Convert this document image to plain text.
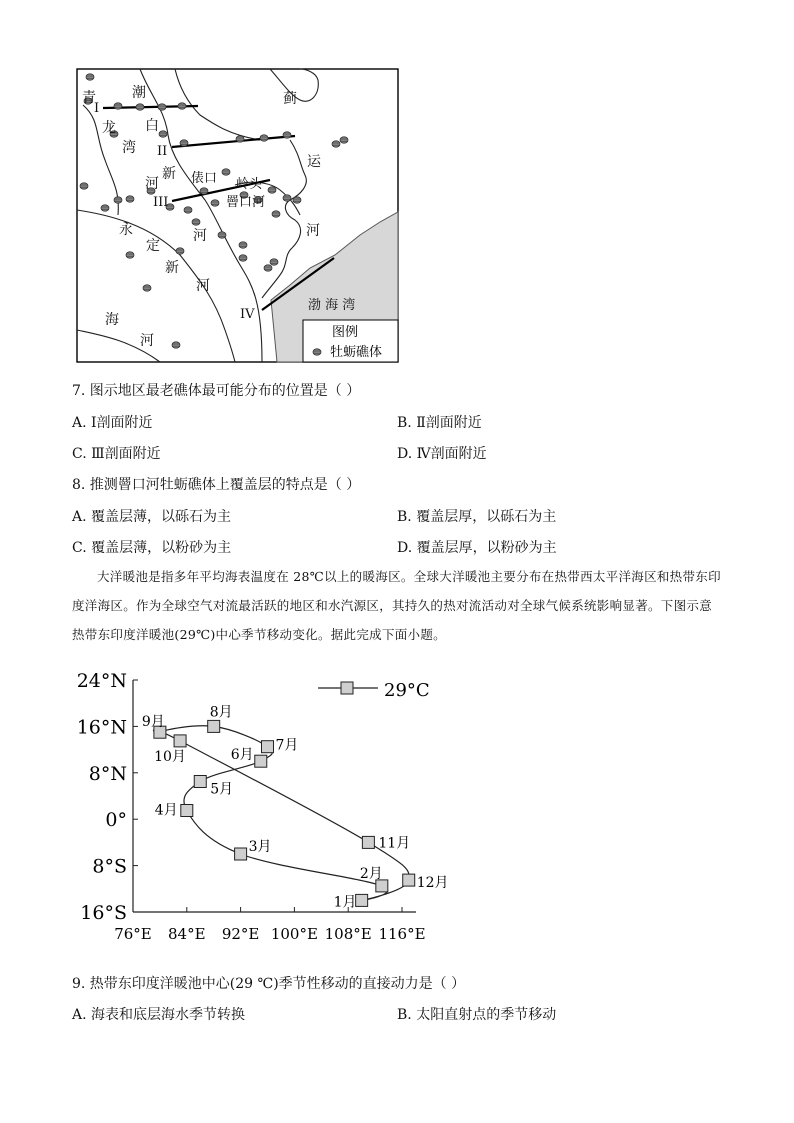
青
龙
湾
河
潮
白
新
河
蓟
运
河
永
定
新
河
海
河
俵口 岭头
罾口河
渤 海 湾
I
II
III
IV
图例
牡蛎礁体
7. 图示地区最老礁体最可能分布的位置是（ ）
A. Ⅰ剖面附近	B. Ⅱ剖面附近
C. Ⅲ剖面附近	D. Ⅳ剖面附近
8. 推测罾口河牡蛎礁体上覆盖层的特点是（ ）
A. 覆盖层薄，以砾石为主	B. 覆盖层厚，以砾石为主
C. 覆盖层薄，以粉砂为主	D. 覆盖层厚，以粉砂为主
大洋暖池是指多年平均海表温度在 28℃以上的暖海区。全球大洋暖池主要分布在热带西太平洋海区和热带东印度洋海区。作为全球空气对流最活跃的地区和水汽源区，其持久的热对流活动对全球气候系统影响显著。下图示意热带东印度洋暖池(29℃)中心季节移动变化。据此完成下面小题。
24°N
16°N
8°N
0°
8°S
16°S
76°E 84°E 92°E 100°E 108°E 116°E
1月
2月
3月
4月
5月
6月
7月
8月
9月
10月
11月
12月
29°C
9. 热带东印度洋暖池中心(29 ℃)季节性移动的直接动力是（ ）
A. 海表和底层海水季节转换	B. 太阳直射点的季节移动
